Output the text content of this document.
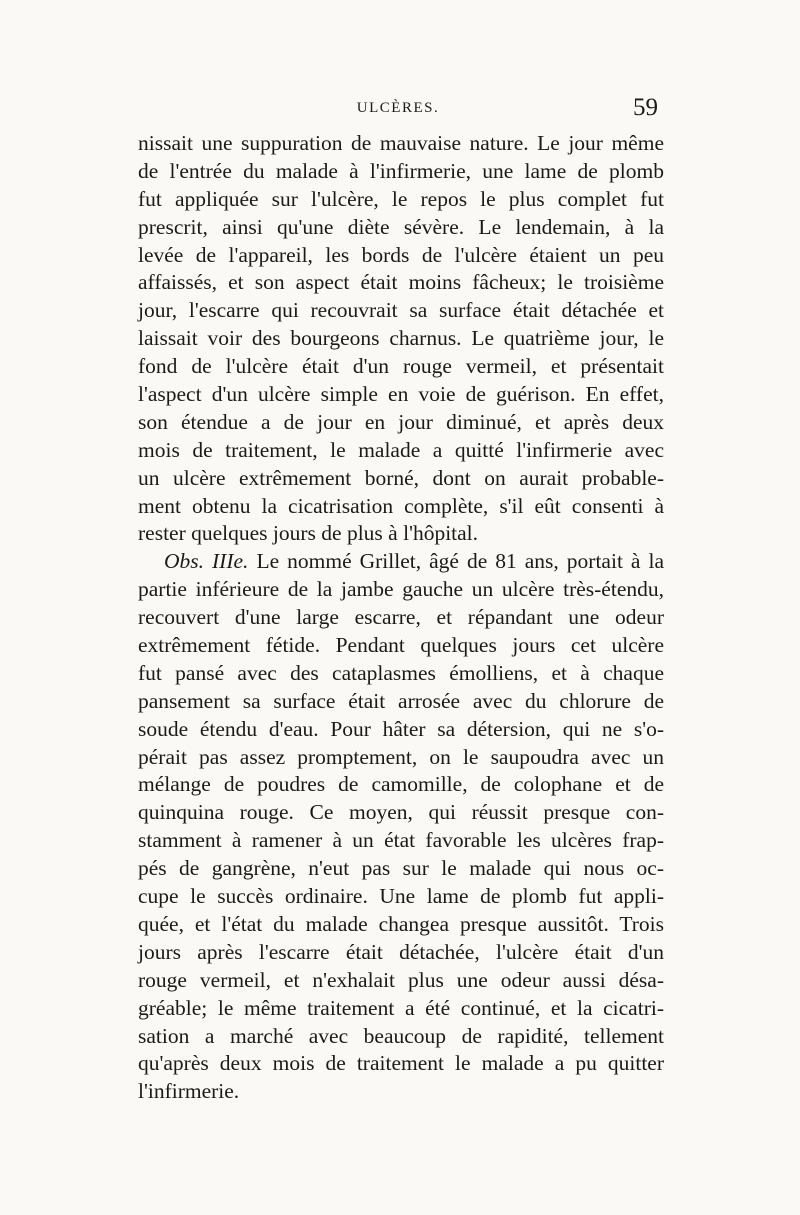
ULCÈRES.	59
nissait une suppuration de mauvaise nature. Le jour même
de l'entrée du malade à l'infirmerie, une lame de plomb
fut appliquée sur l'ulcère, le repos le plus complet fut
prescrit, ainsi qu'une diète sévère. Le lendemain, à la
levée de l'appareil, les bords de l'ulcère étaient un peu
affaissés, et son aspect était moins fâcheux; le troisième
jour, l'escarre qui recouvrait sa surface était détachée et
laissait voir des bourgeons charnus. Le quatrième jour, le
fond de l'ulcère était d'un rouge vermeil, et présentait
l'aspect d'un ulcère simple en voie de guérison. En effet,
son étendue a de jour en jour diminué, et après deux
mois de traitement, le malade a quitté l'infirmerie avec
un ulcère extrêmement borné, dont on aurait probable-
ment obtenu la cicatrisation complète, s'il eût consenti à
rester quelques jours de plus à l'hôpital.
Obs. IIIe. Le nommé Grillet, âgé de 81 ans, portait à la
partie inférieure de la jambe gauche un ulcère très-étendu,
recouvert d'une large escarre, et répandant une odeur
extrêmement fétide. Pendant quelques jours cet ulcère
fut pansé avec des cataplasmes émolliens, et à chaque
pansement sa surface était arrosée avec du chlorure de
soude étendu d'eau. Pour hâter sa détersion, qui ne s'o-
pérait pas assez promptement, on le saupoudra avec un
mélange de poudres de camomille, de colophane et de
quinquina rouge. Ce moyen, qui réussit presque con-
stamment à ramener à un état favorable les ulcères frap-
pés de gangrène, n'eut pas sur le malade qui nous oc-
cupe le succès ordinaire. Une lame de plomb fut appli-
quée, et l'état du malade changea presque aussitôt. Trois
jours après l'escarre était détachée, l'ulcère était d'un
rouge vermeil, et n'exhalait plus une odeur aussi désa-
gréable; le même traitement a été continué, et la cicatri-
sation a marché avec beaucoup de rapidité, tellement
qu'après deux mois de traitement le malade a pu quitter
l'infirmerie.
